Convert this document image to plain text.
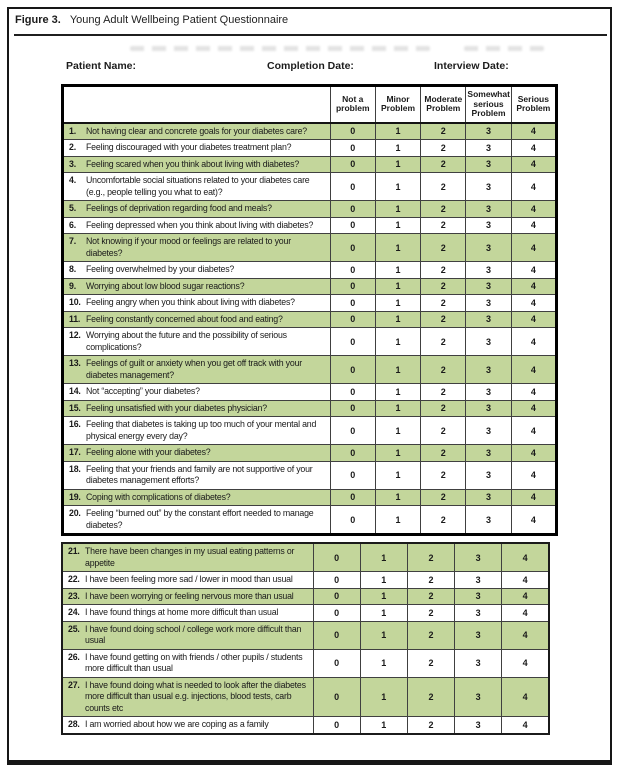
Figure 3. Young Adult Wellbeing Patient Questionnaire
Patient Name:	Completion Date:	Interview Date:
	Not a problem	Minor Problem	Moderate Problem	Somewhat serious Problem	Serious Problem

1. Not having clear and concrete goals for your diabetes care?	0	1	2	3	4

2. Feeling discouraged with your diabetes treatment plan?	0	1	2	3	4

3. Feeling scared when you think about living with diabetes?	0	1	2	3	4

4. Uncomfortable social situations related to your diabetes care (e.g., people telling you what to eat)?	0	1	2	3	4

5. Feelings of deprivation regarding food and meals?	0	1	2	3	4

6. Feeling depressed when you think about living with diabetes?	0	1	2	3	4

7. Not knowing if your mood or feelings are related to your diabetes?	0	1	2	3	4

8. Feeling overwhelmed by your diabetes?	0	1	2	3	4

9. Worrying about low blood sugar reactions?	0	1	2	3	4

10. Feeling angry when you think about living with diabetes?	0	1	2	3	4

11. Feeling constantly concerned about food and eating?	0	1	2	3	4

12. Worrying about the future and the possibility of serious complications?	0	1	2	3	4

13. Feelings of guilt or anxiety when you get off track with your diabetes management?	0	1	2	3	4

14. Not “accepting” your diabetes?	0	1	2	3	4

15. Feeling unsatisfied with your diabetes physician?	0	1	2	3	4

16. Feeling that diabetes is taking up too much of your mental and physical energy every day?	0	1	2	3	4

17. Feeling alone with your diabetes?	0	1	2	3	4

18. Feeling that your friends and family are not supportive of your diabetes management efforts?	0	1	2	3	4

19. Coping with complications of diabetes?	0	1	2	3	4

20. Feeling “burned out” by the constant effort needed to manage diabetes?	0	1	2	3	4
21. There have been changes in my usual eating patterns or appetite	0	1	2	3	4

22. I have been feeling more sad / lower in mood than usual	0	1	2	3	4

23. I have been worrying or feeling nervous more than usual	0	1	2	3	4

24. I have found things at home more difficult than usual	0	1	2	3	4

25. I have found doing school / college work more difficult than usual	0	1	2	3	4

26. I have found getting on with friends / other pupils / students more difficult than usual	0	1	2	3	4

27. I have found doing what is needed to look after the diabetes more difficult than usual e.g. injections, blood tests, carb counts etc	0	1	2	3	4

28. I am worried about how we are coping as a family	0	1	2	3	4
